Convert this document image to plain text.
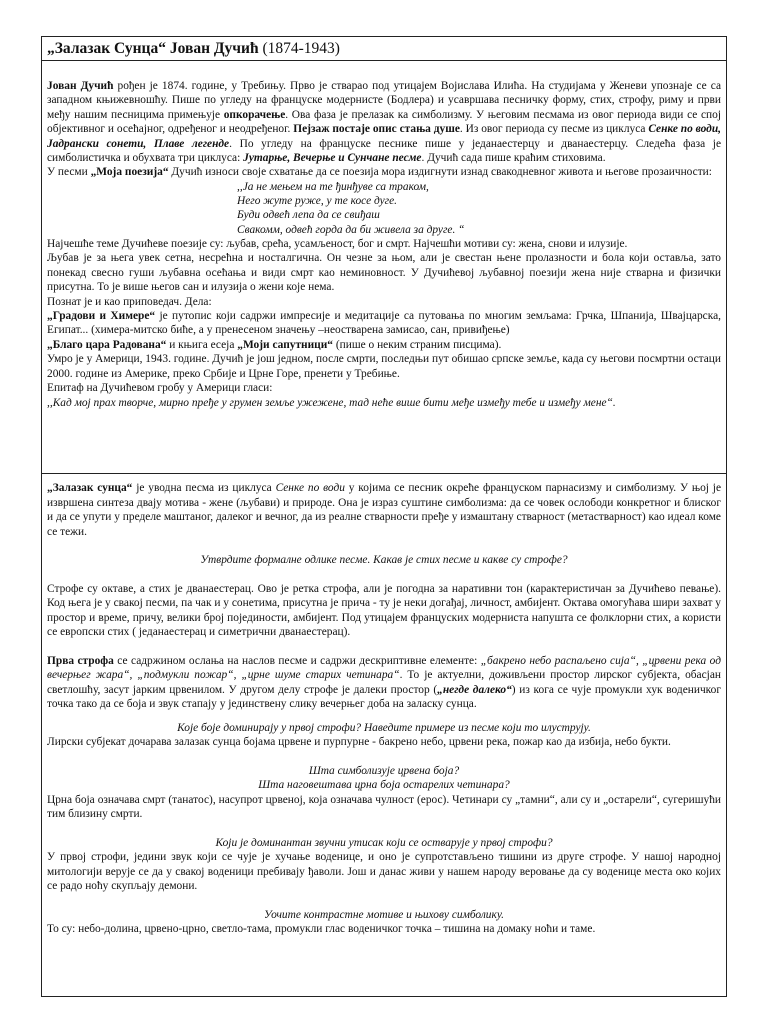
„Залазак Сунца“ Јован Дучић (1874-1943)

Јован Дучић рођен је 1874. године, у Требињу. Прво је стварао под утицајем Војислава Илића. На студијама у Женеви упознаје се са западном књижевношћу. Пише по угледу на француске модернисте (Бодлера) и усавршава песничку форму, стих, строфу, риму и први међу нашим песницима примењује опкорачење. Ова фаза је прелазак ка симболизму. У његовим песмама из овог периода види се спој објективног и осећајног, одређеног и неодређеног. Пејзаж постаје опис стања душе. Из овог периода су песме из циклуса Сенке по води, Јадрански сонети, Плаве легенде. По угледу на француске песнике пише у једанаестерцу и дванаестерцу. Следећа фаза је симболистичка и обухвата три циклуса: Јутарње, Вечерње и Сунчане песме. Дучић сада пише краћим стиховима.

У песми „Моја поезија“ Дучић износи своје схватање да се поезија мора издигнути изнад свакодневног живота и његове прозаичности:

,,Ја не мењем на те ђинђуве са траком,
Него жуте руже, у те косе дуге.
Буди одвећ лепа да се свиђаш
Свакомм, одвећ горда да би живела за друге. “

Најчешће теме Дучићеве поезије су: љубав, срећа, усамљеност, бог и смрт. Најчешћи мотиви су: жена, снови и илузије.

Љубав је за њега увек сетна, несрећна и носталгична. Он чезне за њом, али је свестан њене пролазности и бола који оставља, зато понекад свесно гуши љубавна осећања и види смрт као неминовност. У Дучићевој љубавној поезији жена није стварна и физички присутна. То је више његов сан и илузија о жени које нема.

Познат је и као приповедач. Дела:

„Градови и Химере“ је путопис који садржи импресије и медитације са путовања по многим земљама: Грчка, Шпанија, Швајцарска, Египат... (химера-митско биће, а у пренесеном значењу –неостварена замисао, сан, привиђење)

„Благо цара Радована“ и књига есеја „Моји сапутници“ (пише о неким страним писцима).

Умро је у Америци, 1943. године. Дучић је још једном, после смрти, последњи пут обишао српске земље, када су његови посмртни остаци 2000. године из Америке, преко Србије и Црне Горе, пренети у Требиње.

Епитаф на Дучићевом гробу у Америци гласи:

,,Кад мој прах творче, мирно пређе у грумен земље ужежене, тад неће више бити међе између тебе и између мене“.

„Залазак сунца“ је уводна песма из циклуса Сенке по води у којима се песник окреће француском парнасизму и симболизму. У њој је извршена синтеза двају мотива - жене (љубави) и природе. Она је израз суштине симболизма: да се човек ослободи конкретног и блиског и да се упути у пределе маштаног, далеког и вечног, да из реалне стварности пређе у измаштану стварност (метастварност) као идеал коме се тежи.

Утврдите формалне одлике песме. Какав је стих песме и какве су строфе?

Строфе су октаве, а стих је дванаестерац. Ово је ретка строфа, али је погодна за наративни тон (карактеристичан за Дучићево певање). Код њега је у свакој песми, па чак и у сонетима, присутна је прича - ту је неки догађај, личност, амбијент. Октава омогућава шири захват у простор и време, причу, велики број појединости, амбијент. Под утицајем француских модерниста напушта се фолклорни стих, а користи се европски стих ( једанаестерац и симетрични дванаестерац).

Прва строфа се садржином ослања на наслов песме и садржи дескриптивне елементе: „бакрено небо распаљено сија“, „црвени река од вечерњег жара“, „подмукли пожар“, „црне шуме старих четинара“. То је актуелни, доживљени простор лирског субјекта, обасјан светлошћу, засут јарким црвенилом. У другом делу строфе је далеки простор („негде далеко“) из кога се чује промукли хук воденичког точка тако да се боја и звук стапају у јединствену слику вечерњег доба на заласку сунца.

Које боје доминирају у првој строфи? Наведите примере из песме који то илуструју.

Лирски субјекат дочарава залазак сунца бојама црвене и пурпурне - бакрено небо, црвени река, пожар као да избија, небо букти.

Шта симболизује црвена боја?

Шта наговештава црна боја остарелих четинара?

Црна боја означава смрт (танатос), насупрот црвеној, која означава чулност (ерос). Четинари су „тамни“, али су и „остарели“, сугеришући тим близину смрти.

Који је доминантан звучни утисак који се остварује у првој строфи?

У првој строфи, једини звук који се чује је хучање воденице, и оно је супротстављено тишини из друге строфе. У нашој народној митологији верује се да у свакој воденици пребивају ђаволи. Још и данас живи у нашем народу веровање да су воденице места око којих се радо ноћу скупљају демони.

Уочите контрастне мотиве и њихову симболику.

То су: небо-долина, црвено-црно, светло-тама, промукли глас воденичког точка – тишина на домаку ноћи и таме.
